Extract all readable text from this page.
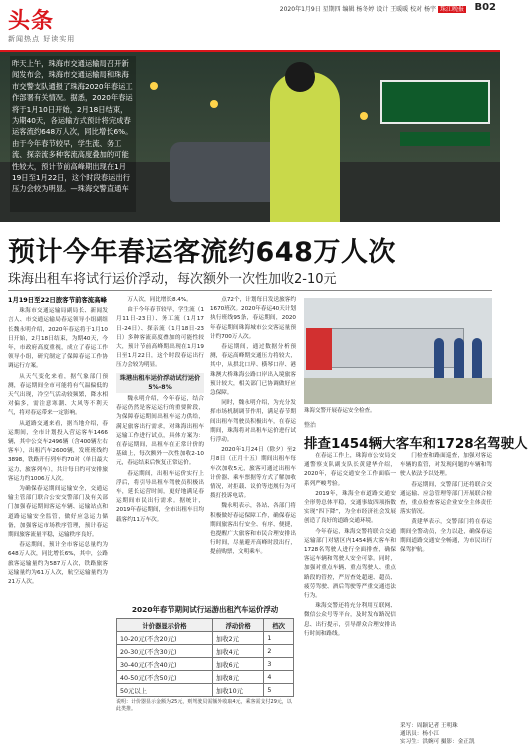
头条
新闻热点 好读实用
2020年1月9日 星期四 编辑 杨冬婷 设计 王暖暖 校对 杨宇 珠江晚报 B02
昨天上午，珠海市交通运输局召开新闻发布会，珠海市交通运输局和珠海市交警支队通报了珠海2020年春运工作部署有关情况。据悉，2020年春运将于1月10日开始，2月18日结束，为期40天，各运输方式预计将完成春运客流约648万人次，同比增长6%。由于今年春节较早，学生流、务工流、探亲流多种客流高度叠加的可能性较大，预计节前高峰期出现在1月19日至1月22日，这个时段春运出行压力会较为明显。—珠海交警直通车
预计今年春运客流约648万人次
珠海出租车将试行运价浮动，每次额外一次性加收2-10元
1月19日至22日旅客节前客流高峰

珠海市交通运输局副局长、新闻发言人、市交通运输局春运领导小组副组长魏永明介绍，2020年春运将于1月10日开始，2月18日结束，为期40天，今年，市政府高度重视，成立了春运工作领导小组，研究制定了保障春运工作协调运行方案。

从天气变化来看，据气象部门预测，春运期间全市可能将有气温偏低的天气出现，冷空气活动较频繁，降水相对偏多，需注意寒潮、大风等不利天气，将对春运带来一定影响。

从道路交通来看，据当地介绍，春运期间，全市计划投入营运客车1466辆，其中公交车2496辆（含400辆左右客车），出租汽车2600辆，发班班线约3898，铁路开行列车约70对（单日最大运力，旅客列车），共计每日约可安排旅客运力约1006万人次。

为确保春运期间运输安全，交通运输主管部门联合公安交警部门及有关部门加强春运期间客运车辆、运输站点和道路运输安全监管，做好应急运力储备，加强客运市场秩序管理，预计春运期间旅客流量平稳，运输秩序良好。

春运期间，预计全市客运总量约为648万人次，同比增长6%，其中，公路旅客运输量约为587万人次，铁路旅客运输量约为61万人次，航空运输量约为21万人次。

万人次，同比增长8.4%。

由于今年春节较早，学生流（1月11日-23日）、务工流（1月17日-24日）、探亲流（1月18日-23日）多种客流高度叠加的可能性较大，预计节前高峰期出现在1月19日至1月22日，这个时段春运出行压力会较为明显。

珠港出租车运价浮动试行运价5%-8%

魏永明介绍，今年春运，结合春运仍然是客运运行的重要阶段，为保障春运期间出租车运力供给，满足旅客出行需求，对珠海出租车运输工作进行试点，具体方案为：在春运期间，出租车在正常计价的基础上，每次额外一次性加收2-10元，春运结束后恢复正常运价。

春运期间，出租车运价实行上浮后，将引导出租车驾驶员积极出车，延长运营时间，更好地满足春运期间市民出行需求。据统计，2019年春运期间，全市出租车日均载客约11万车次。

点72个，计划每日发送旅客约1670班次。2020年春运40天计划执行班线95条，春运期间，2020年春运期间珠海城市公交客运量预计约700万人次。

春运期间，通过数据分析预测，春运高峰期交通压力将较大，其中，从拱北口岸、横琴口岸、港珠澳大桥珠海公路口岸出入境旅客预计较大，相关部门已协调做好应急保障。

同时，魏永明介绍，为充分发挥市场机制调节作用，满足春节期间出租车驾驶员积极出车，在春运期间，珠海将对出租车运价进行试行浮动。

2020年1月24日（除夕）至2月8日（正月十五）期间出租车每车次加收5元，旅客可通过出租车计价器、乘车票据等方式了解加收情况，对拒载、议价等违规行为可拨打投诉电话。

魏永明表示，各站、各部门将积极做好春运保障工作，确保春运期间旅客出行安全、有序、便捷，也提醒广大旅客和市民合理安排出行时间，尽量避开高峰时段出行，提前购票，文明乘车。

2020年春节期间试行运游出租汽车运价浮动
计价器显示价格	浮动价格	档次
10-20元(不含20元)	加收2元	1
20-30元(不含30元)	加收4元	2
30-40元(不含40元)	加收6元	3
40-50元(不含50元)	加收8元	4
50元以上	加收10元	5
说明：计价器显示金额为25元，则驾驶员需额外收取4元，乘客需支付29元，以此类推。
珠海交警开展春运安全检查。
整治
排查1454辆大客车和1728名驾驶人

在春运工作上，珠海市公安局交通警察支队副支队长黄建华介绍，2020年，春运交通安全工作面临一系列严峻考验。

2019年，珠海全市道路交通安全形势总体平稳，交通事故四项指数实现“四下降”，为全市经济社会发展创造了良好的道路交通环境。

今年春运，珠海交警将联合交通运输部门对辖区内1454辆大客车和1728名驾驶人进行全面排查，确保客运车辆和驾驶人安全可靠。同时，加强对重点车辆、重点驾驶人、重点路段的管控，严厉查处超速、超员、疲劳驾驶、酒后驾驶等严重交通违法行为。

珠海交警还将充分利用互联网、微信公众号等平台，及时发布路况信息、出行提示，引导群众合理安排出行时间和路线。

门检查和路面巡查，加强对客运车辆的监管，对发现问题的车辆和驾驶人依法予以处理。

春运期间，交警部门还将联合交通运输、应急管理等部门开展联合检查，重点检查客运企业安全主体责任落实情况。

黄建华表示，交警部门将在春运期间全警动员，全力以赴，确保春运期间道路交通安全畅通，为市民出行保驾护航。

采写：周颖记者 王明珠
通讯员：杨小江
实习生：洪婉可 摄影：金正凯
